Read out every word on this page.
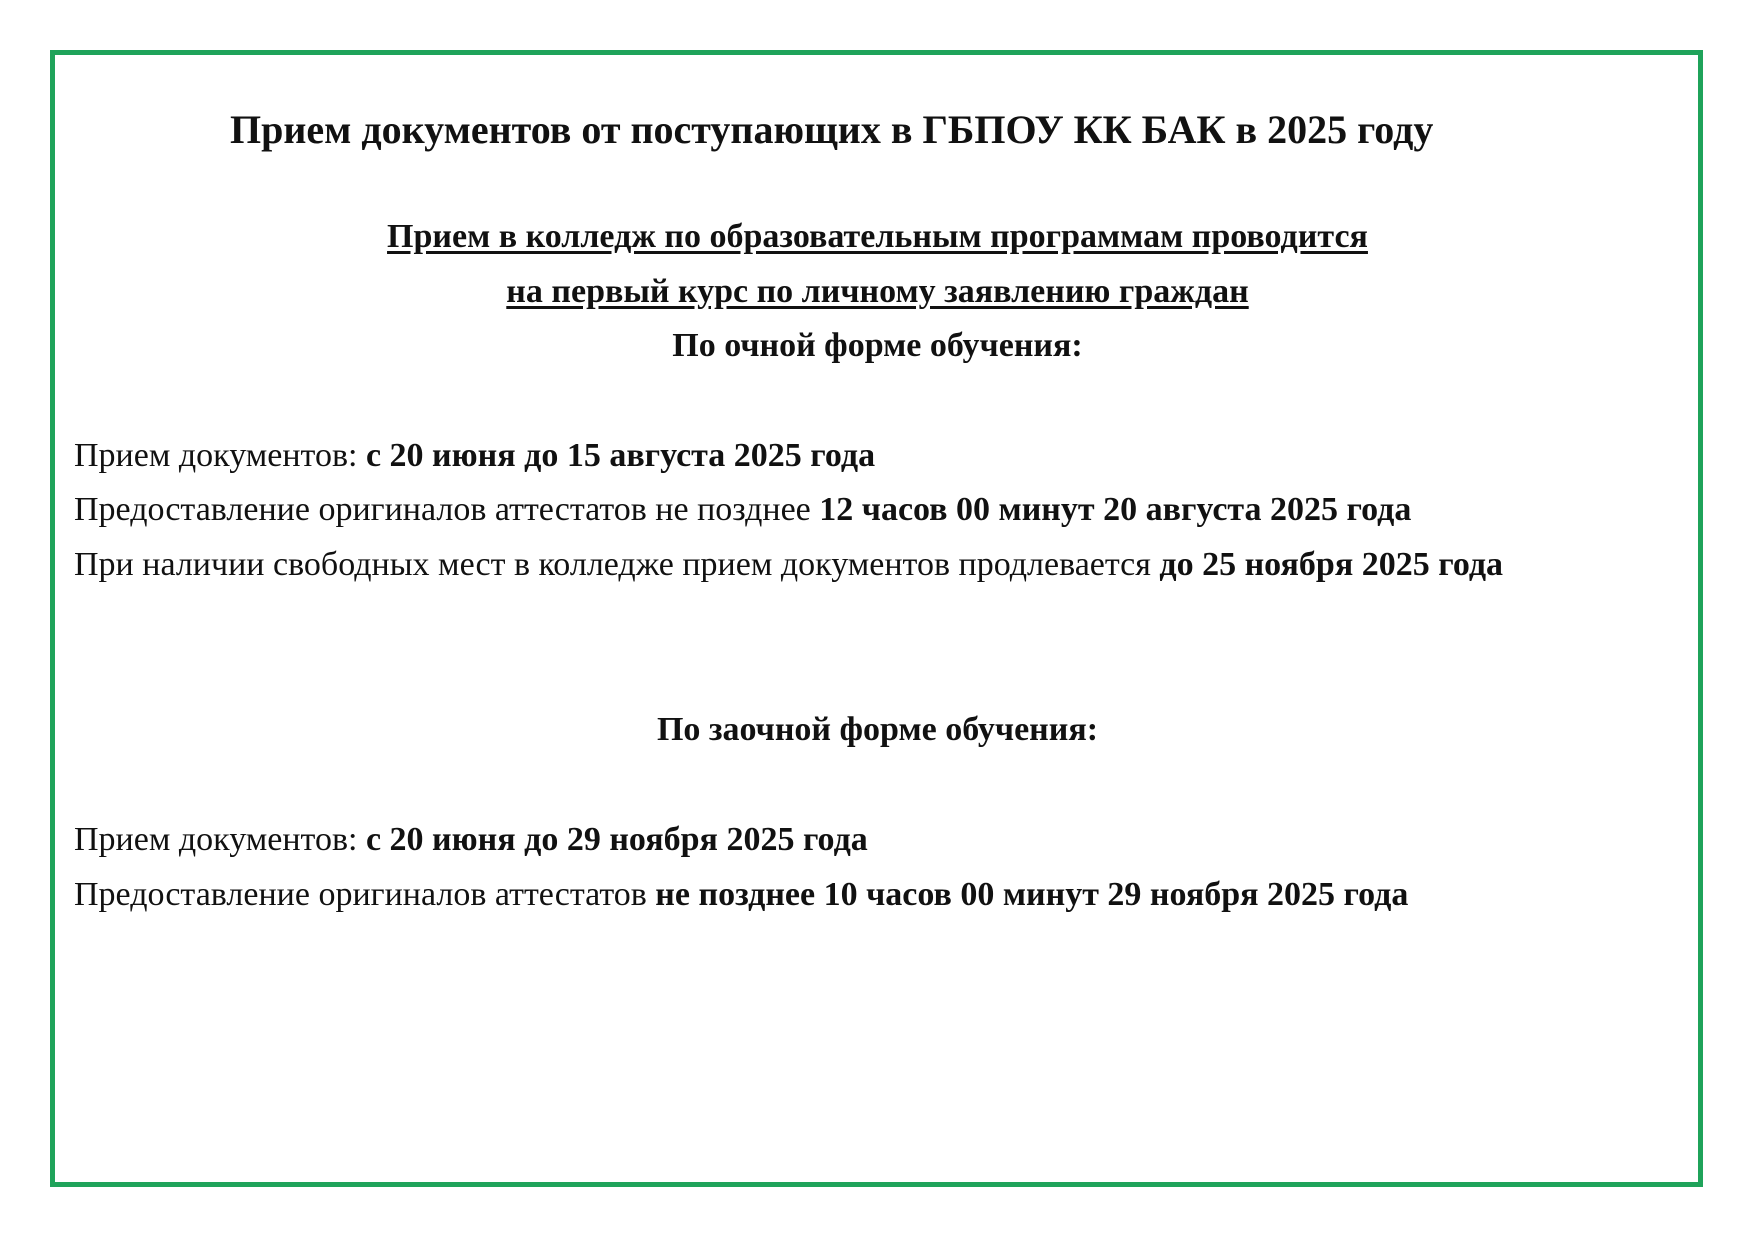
Прием документов от поступающих в ГБПОУ КК БАК в 2025 году
Прием в колледж по образовательным программам проводится
на первый курс по личному заявлению граждан
По очной форме обучения:
Прием документов: с 20 июня до 15 августа 2025 года
Предоставление оригиналов аттестатов не позднее 12 часов 00 минут 20 августа 2025 года
При наличии свободных мест в колледже прием документов продлевается до 25 ноября 2025 года
По заочной форме обучения:
Прием документов: с 20 июня до 29 ноября 2025 года
Предоставление оригиналов аттестатов не позднее 10 часов 00 минут 29 ноября 2025 года
